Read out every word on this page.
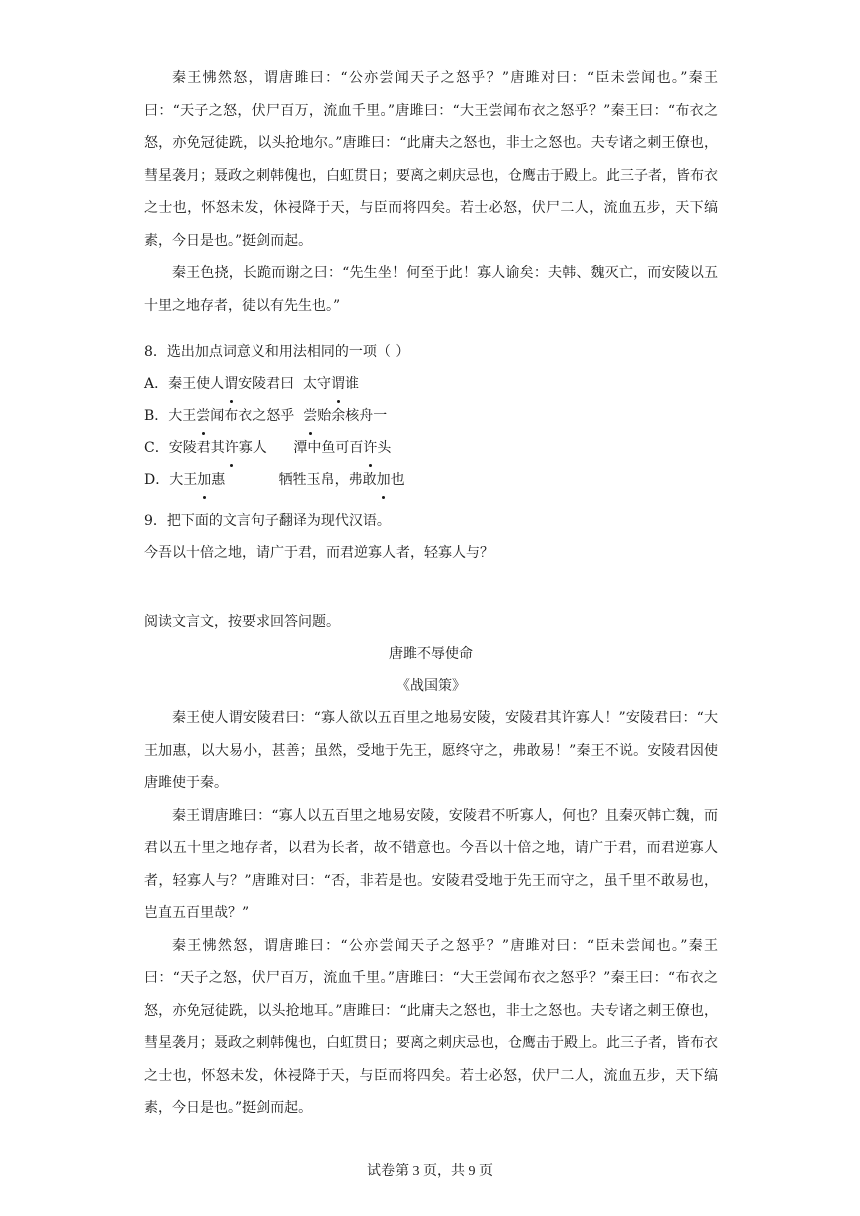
秦王怫然怒，谓唐雎曰：“公亦尝闻天子之怒乎？”唐雎对曰：“臣未尝闻也。”秦王曰：“天子之怒，伏尸百万，流血千里。”唐雎曰：“大王尝闻布衣之怒乎？”秦王曰：“布衣之怒，亦免冠徒跣，以头抢地尔。”唐雎曰：“此庸夫之怒也，非士之怒也。夫专诸之刺王僚也，彗星袭月；聂政之刺韩傀也，白虹贯日；要离之刺庆忌也，仓鹰击于殿上。此三子者，皆布衣之士也，怀怒未发，休祲降于天，与臣而将四矣。若士必怒，伏尸二人，流血五步，天下缟素，今日是也。”挺剑而起。

秦王色挠，长跪而谢之曰：“先生坐！何至于此！寡人谕矣：夫韩、魏灭亡，而安陵以五十里之地存者，徒以有先生也。”

8．选出加点词意义和用法相同的一项（ ）

A．秦王使人 谓 安陵君曰  太守 谓 谁
B．大王 尝 闻布衣之怒乎 尝 贻余核舟一
C．安陵君其 许 寡人      潭中鱼可百 许 头
D．大王 加 惠            牺牲玉帛，弗敢 加 也

9．把下面的文言句子翻译为现代汉语。

今吾以十倍之地，请广于君，而君逆寡人者，轻寡人与？

阅读文言文，按要求回答问题。

唐雎不辱使命

《战国策》

秦王使人谓安陵君曰：“寡人欲以五百里之地易安陵，安陵君其许寡人！”安陵君曰：“大王加惠，以大易小，甚善；虽然，受地于先王，愿终守之，弗敢易！”秦王不说。安陵君因使唐雎使于秦。

秦王谓唐雎曰：“寡人以五百里之地易安陵，安陵君不听寡人，何也？且秦灭韩亡魏，而君以五十里之地存者，以君为长者，故不错意也。今吾以十倍之地，请广于君，而君逆寡人者，轻寡人与？”唐雎对曰：“否，非若是也。安陵君受地于先王而守之，虽千里不敢易也，岂直五百里哉？”

秦王怫然怒，谓唐雎曰：“公亦尝闻天子之怒乎？”唐雎对曰：“臣未尝闻也。”秦王曰：“天子之怒，伏尸百万，流血千里。”唐雎曰：“大王尝闻布衣之怒乎？”秦王曰：“布衣之怒，亦免冠徒跣，以头抢地耳。”唐雎曰：“此庸夫之怒也，非士之怒也。夫专诸之刺王僚也，彗星袭月；聂政之刺韩傀也，白虹贯日；要离之刺庆忌也，仓鹰击于殿上。此三子者，皆布衣之士也，怀怒未发，休祲降于天，与臣而将四矣。若士必怒，伏尸二人，流血五步，天下缟素，今日是也。”挺剑而起。

试卷第 3 页，共 9 页
